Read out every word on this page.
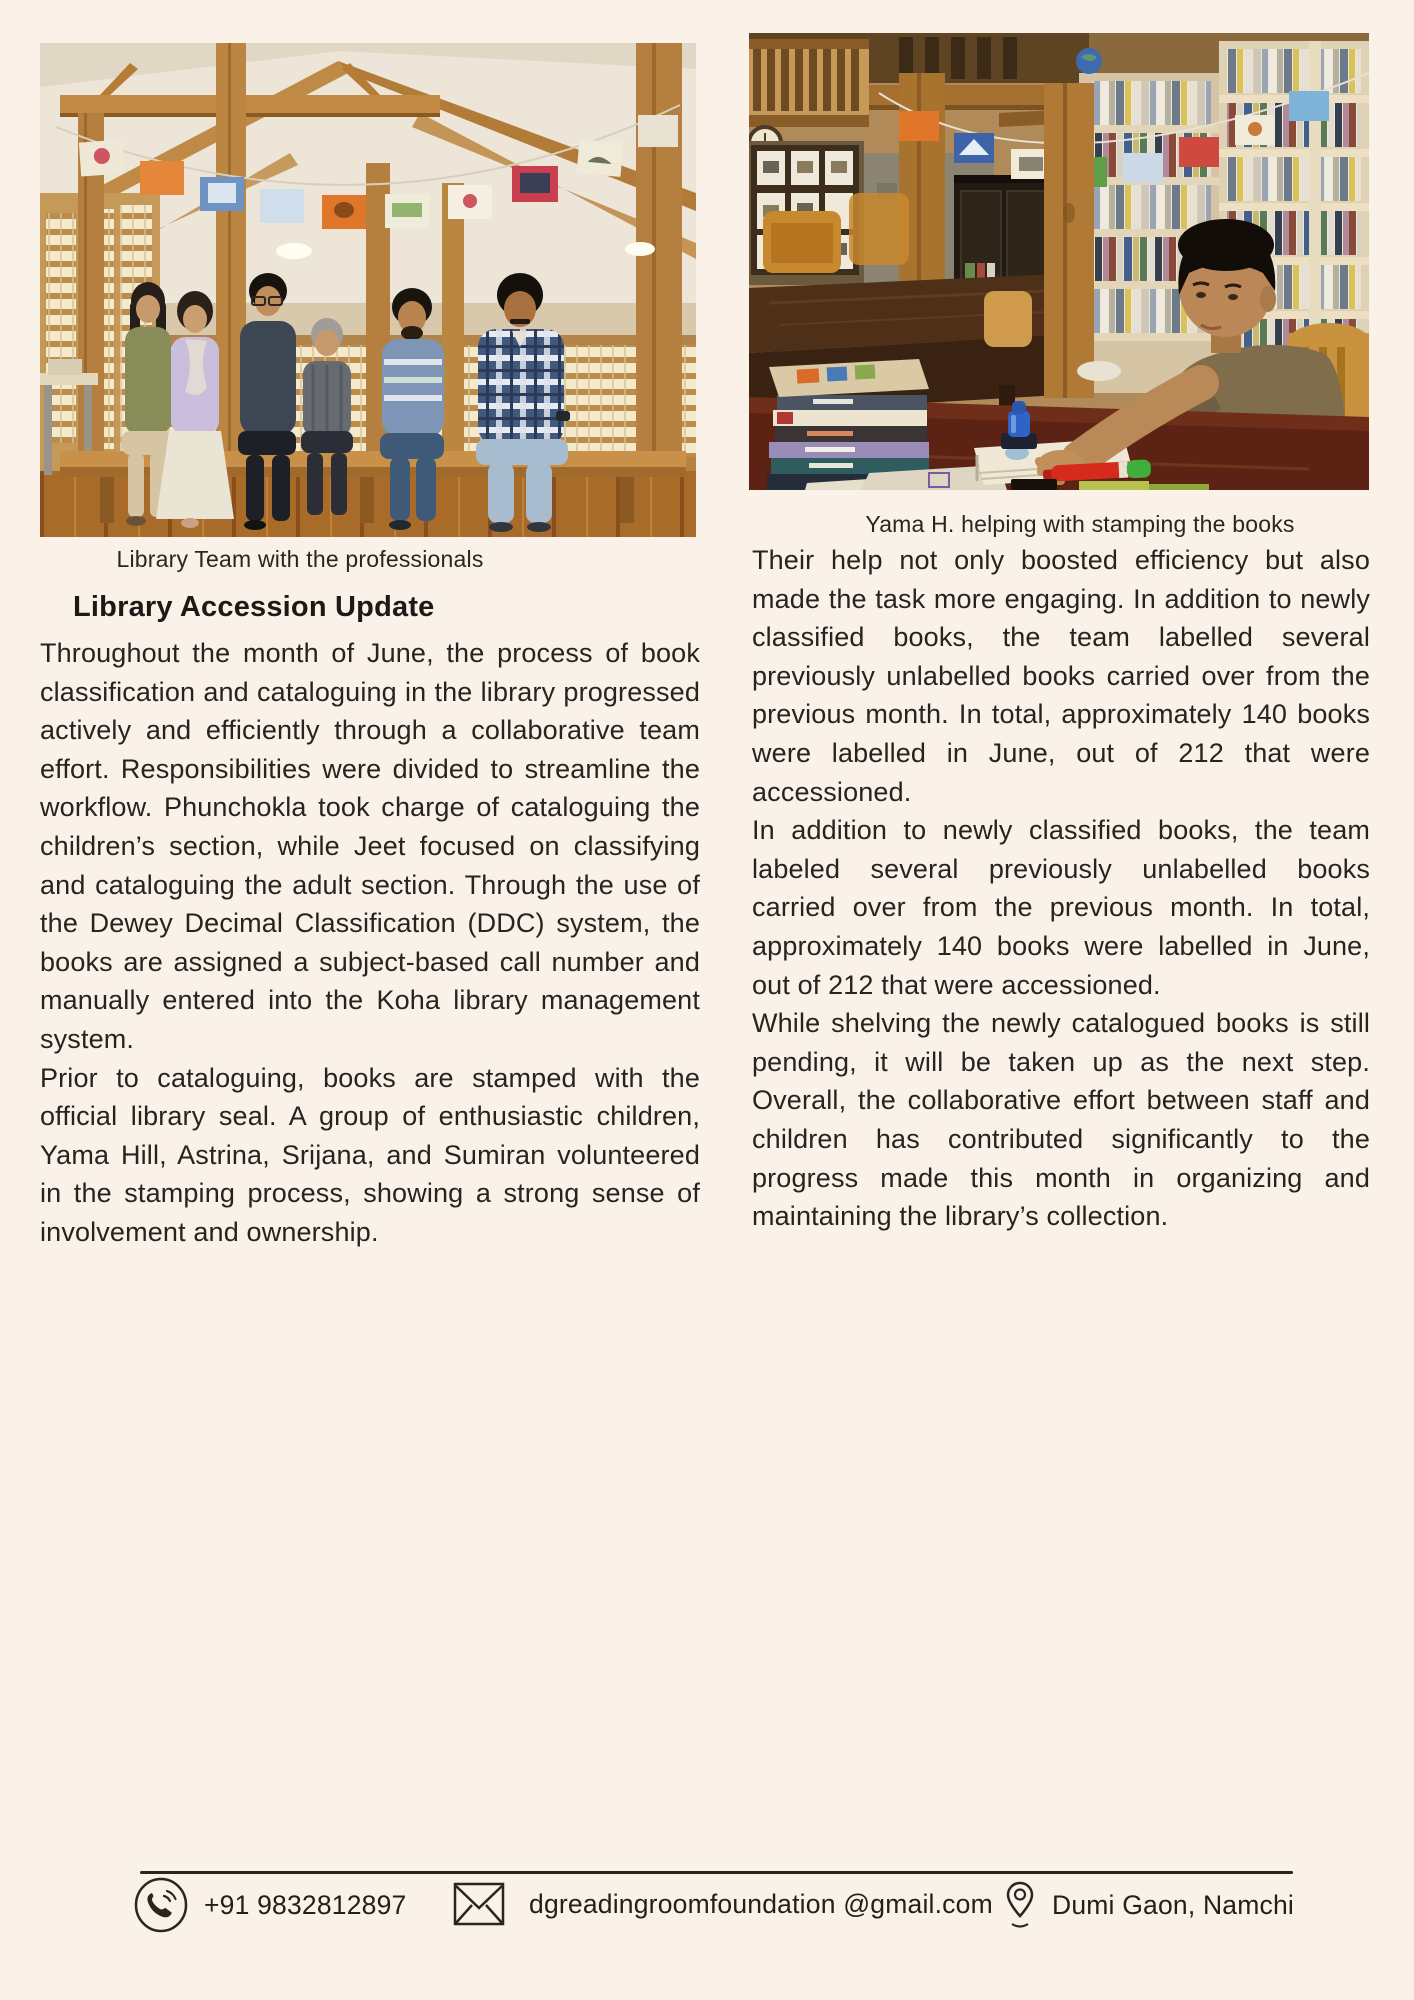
Library Team with the professionals
Yama H. helping with stamping the books
Library Accession Update

Throughout the month of June, the process of book classification and cataloguing in the library progressed actively and efficiently through a collaborative team effort. Responsibilities were divided to streamline the workflow. Phunchokla took charge of cataloguing the children’s section, while Jeet focused on classifying and cataloguing the adult section. Through the use of the Dewey Decimal Classification (DDC) system, the books are assigned a subject-based call number and manually entered into the Koha library management system.

Prior to cataloguing, books are stamped with the official library seal. A group of enthusiastic children, Yama Hill, Astrina, Srijana, and Sumiran volunteered in the stamping process, showing a strong sense of involvement and ownership.

Their help not only boosted efficiency but also made the task more engaging. In addition to newly classified books, the team labelled several previously unlabelled books carried over from the previous month. In total, approximately 140 books were labelled in June, out of 212 that were accessioned.

In addition to newly classified books, the team labeled several previously unlabelled books carried over from the previous month. In total, approximately 140 books were labelled in June, out of 212 that were accessioned.

While shelving the newly catalogued books is still pending, it will be taken up as the next step. Overall, the collaborative effort between staff and children has contributed significantly to the progress made this month in organizing and maintaining the library’s collection.

+91 9832812897	dgreadingroomfoundation @gmail.com Dumi Gaon, Namchi
